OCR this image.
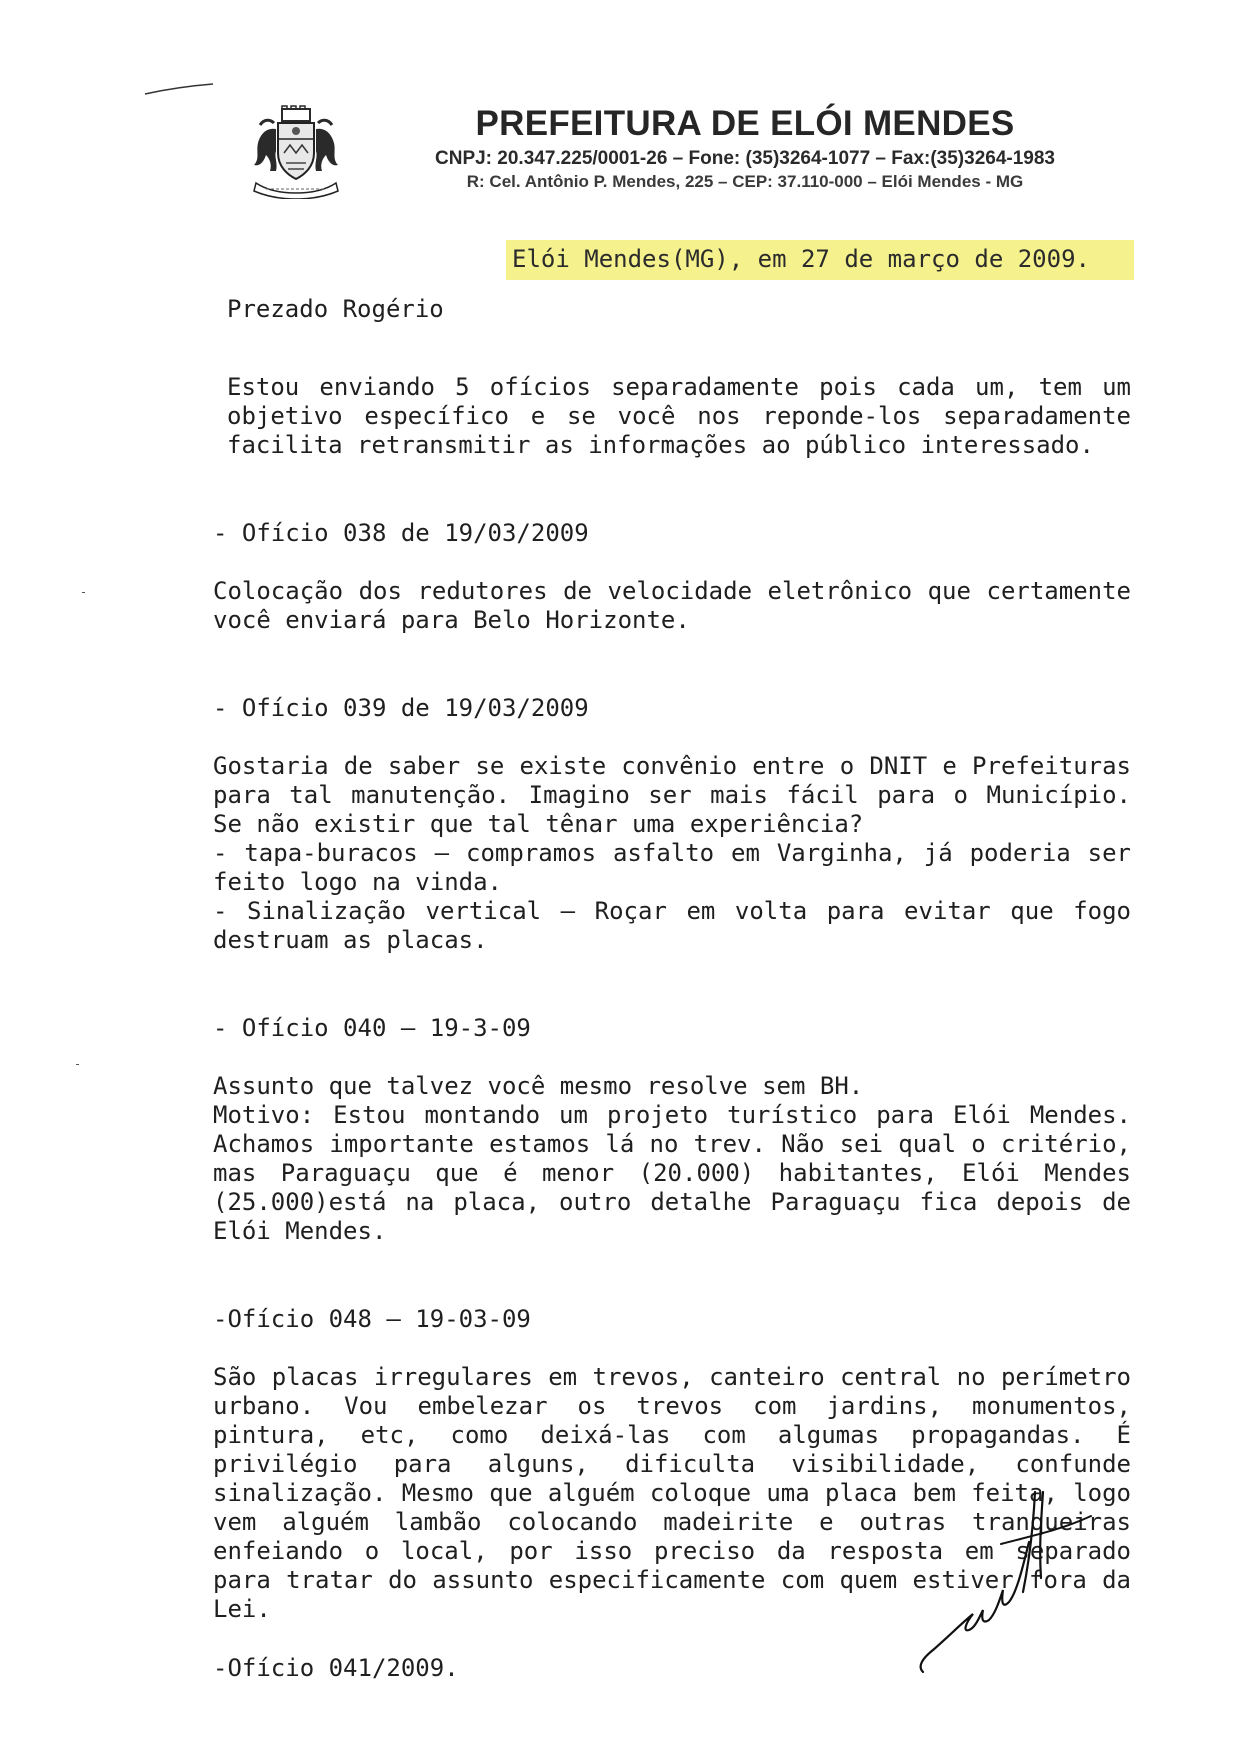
PREFEITURA DE ELÓI MENDES
CNPJ: 20.347.225/0001-26 – Fone: (35)3264-1077 – Fax:(35)3264-1983
R: Cel. Antônio P. Mendes, 225 – CEP: 37.110-000 – Elói Mendes - MG
Elói Mendes(MG), em 27 de março de 2009.
Prezado Rogério
Estou enviando 5 ofícios separadamente pois cada um, tem um objetivo específico e se você nos reponde-los separadamente facilita retransmitir as informações ao público interessado.

- Ofício 038 de 19/03/2009

Colocação dos redutores de velocidade eletrônico que certamente você enviará para Belo Horizonte.

- Ofício 039 de 19/03/2009

Gostaria de saber se existe convênio entre o DNIT e Prefeituras para tal manutenção. Imagino ser mais fácil para o Município. Se não existir que tal tênar uma experiência?
- tapa-buracos – compramos asfalto em Varginha, já poderia ser feito logo na vinda.
- Sinalização vertical – Roçar em volta para evitar que fogo destruam as placas.

- Ofício 040 – 19-3-09

Assunto que talvez você mesmo resolve sem BH.
Motivo: Estou montando um projeto turístico para Elói Mendes. Achamos importante estamos lá no trev. Não sei qual o critério, mas Paraguaçu que é menor (20.000) habitantes, Elói Mendes (25.000)está na placa, outro detalhe Paraguaçu fica depois de Elói Mendes.

-Ofício 048 – 19-03-09

São placas irregulares em trevos, canteiro central no perímetro urbano. Vou embelezar os trevos com jardins, monumentos, pintura, etc, como deixá-las com algumas propagandas. É privilégio para alguns, dificulta visibilidade, confunde sinalização. Mesmo que alguém coloque uma placa bem feita, logo vem alguém lambão colocando madeirite e outras tranqueiras enfeiando o local, por isso preciso da resposta em separado para tratar do assunto especificamente com quem estiver fora da Lei.

-Ofício 041/2009.
